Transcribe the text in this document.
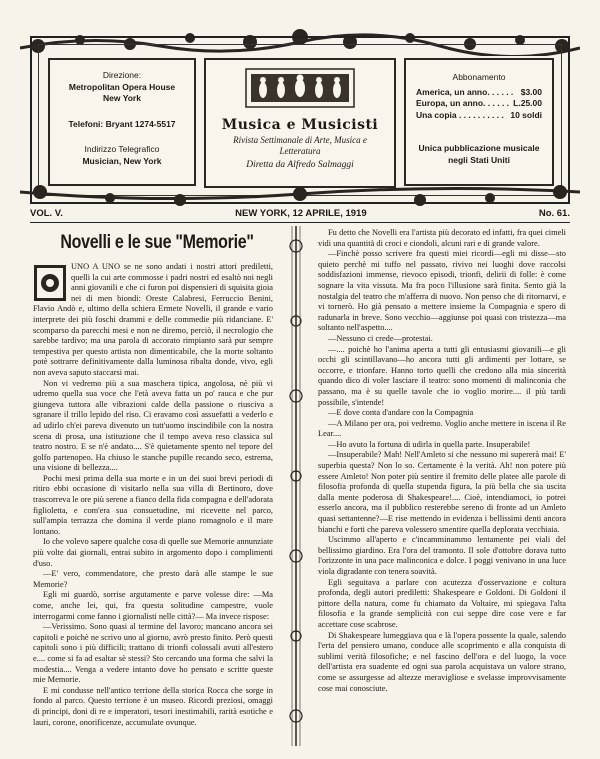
Direzione:
Metropolitan Opera House
New York
Telefoni: Bryant 1274-5517
Indirizzo Telegrafico
Musician, New York
Musica e Musicisti
Rivista Settimanale di Arte, Musica e Letteratura
Diretta da Alfredo Salmaggi
Abbonamento
America, un anno. . . . . . $3.00
Europa, un anno. . . . . . L.25.00
Una copia . . . . . . . . . . 10 soldi
Unica pubblicazione musicale
negli Stati Uniti
VOL. V.	NEW YORK, 12 APRILE, 1919	No. 61.
Novelli e le sue "Memorie"

UNO A UNO se ne sono andati i nostri attori prediletti, quelli la cui arte commosse i padri nostri ed esaltò noi negli anni giovanili e che ci furon poi dispensieri di squisita gioia nei di men biondi: Oreste Calabresi, Ferruccio Benini, Flavio Andò e, ultimo della schiera Ermete Novelli, il grande e vario interprete dei più foschi drammi e delle commedie più ridanciane. E' scomparso da parecchi mesi e non ne diremo, perciò, il necrologio che sarebbe tardivo; ma una parola di accorato rimpianto sarà pur sempre tempestiva per questo artista non dimenticabile, che la morte soltanto potè sottrarre definitivamente dalla luminosa ribalta donde, vivo, egli non aveva saputo staccarsi mai.

Non vi vedremo più a sua maschera tipica, angolosa, nè più vi udremo quella sua voce che l'età aveva fatta un po' rauca e che pur giungeva tuttora alle vibrazioni calde della passione o riusciva a sgranare il trillo lepido del riso. Ci eravamo così assuefatti a vederlo e ad udirlo ch'ei pareva divenuto un tutt'uomo inscindibile con la nostra scena di prosa, una istituzione che il tempo aveva reso classica sul teatro nostro. E se n'è andato.... S'è quietamente spento nel tepore del golfo partenopeo. Ha chiuso le stanche pupille recando seco, estrema, una visione di bellezza....

Pochi mesi prima della sua morte e in un dei suoi brevi periodi di ritiro ebbi occasione di visitarlo nella sua villa di Bertinoro, dove trascorreva le ore più serene a fianco della fida compagna e dell'adorata figlioletta, e com'era sua consuetudine, mi ricevette nel parco, sull'ampia terrazza che domina il verde piano romagnolo e il mare lontano.

Io che volevo sapere qualche cosa di quelle sue Memorie annunziate più volte dai giornali, entrai subito in argomento dopo i complimenti d'uso.

—E' vero, commendatore, che presto darà alle stampe le sue Memorie?

Egli mi guardò, sorrise argutamente e parve volesse dire: —Ma come, anche lei, qui, fra questa solitudine campestre, vuole interrogarmi come fanno i giornalisti nelle città?— Ma invece rispose:

—Verissimo. Sono quasi al termine del lavoro; mancano ancora sei capitoli e poichè ne scrivo uno al giorno, avrò presto finito. Però questi capitoli sono i più difficili; trattano di trionfi colossali avuti all'estero e.... come si fa ad esaltar sè stessi? Sto cercando una forma che salvi la modestia.... Venga a vedere intanto dove ho pensato e scritte queste mie Memorie.

E mi condusse nell'antico terrione della storica Rocca che sorge in fondo al parco. Questo terrione è un museo. Ricordi preziosi, omaggi di principi, doni di re e imperatori, tesori inestimabili, rarità esotiche e lauri, corone, onorificenze, accumulate ovunque.

Fu detto che Novelli era l'artista più decorato ed infatti, fra quei cimeli vidi una quantità di croci e ciondoli, alcuni rari e di grande valore.

—Finchè posso scrivere fra questi miei ricordi—egli mi disse—sto quieto perchè mi tuffo nel passato, rivivo nei luoghi dove raccolsi soddisfazioni immense, rievoco episodi, trionfi, delirii di folle: è come sognare la vita vissuta. Ma fra poco l'illusione sarà finita. Sento già la nostalgia del teatro che m'afferra di nuovo. Non penso che di ritornarvi, e vi tornerò. Ho già pensato a mettere insieme la Compagnia e spero di radunarla in breve. Sono vecchio—aggiunse poi quasi con tristezza—ma soltanto nell'aspetto....

—Nessuno ci crede—protestai.

—.... poichè ho l'anima aperta a tutti gli entusiasmi giovanili—e gli occhi gli scintillavano—ho ancora tutti gli ardimenti per lottare, se occorre, e trionfare. Hanno torto quelli che credono alla mia sincerità quando dico di voler lasciare il teatro: sono momenti di malinconia che passano, ma è su quelle tavole che io voglio morire.... il più tardi possibile, s'intende!

—E dove conta d'andare con la Compagnia

—A Milano per ora, poi vedremo. Voglio anche mettere in iscena il Re Lear....

—Ho avuto la fortuna di udirla in quella parte. Insuperabile!

—Insuperabile? Mah! Nell'Amleto si che nessuno mi supererà mai! E' superbia questa? Non lo so. Certamente è la verità. Ah! non potere più essere Amleto! Non poter più sentire il fremito delle platee alle parole di filosofia profonda di quella stupenda figura, la più bella che sia uscita dalla mente poderosa di Shakespeare!.... Cioè, intendiamoci, io potrei esserlo ancora, ma il pubblico resterebbe sereno di fronte ad un Amleto quasi settantenne?—E rise mettendo in evidenza i bellissimi denti ancora bianchi e forti che pareva volessero smentire quella deplorata vecchiaia.

Uscimmo all'aperto e c'incamminammo lentamente pei viali del bellissimo giardino. Era l'ora del tramonto. Il sole d'ottobre dorava tutto l'orizzonte in una pace malinconica e dolce. I poggi venivano in una luce viola digradante con tenera soavità.

Egli seguitava a parlare con acutezza d'osservazione e coltura profonda, degli autori prediletti: Shakespeare e Goldoni. Di Goldoni il pittore della natura, come fu chiamato da Voltaire, mi spiegava l'alta filosofia e la grande semplicità con cui seppe dire cose vere e far accettare cose scabrose.

Di Shakespeare lumeggiava qua e là l'opera possente la quale, salendo l'erta del pensiero umano, conduce alle scoprimento e alla conquista di sublimi verità filosofiche; e nel fascino dell'ora e del luogo, la voce dell'artista era suadente ed ogni sua parola acquistava un valore strano, come se assurgesse ad altezze meravigliose e svelasse improvvisamente cose mai conosciute.
